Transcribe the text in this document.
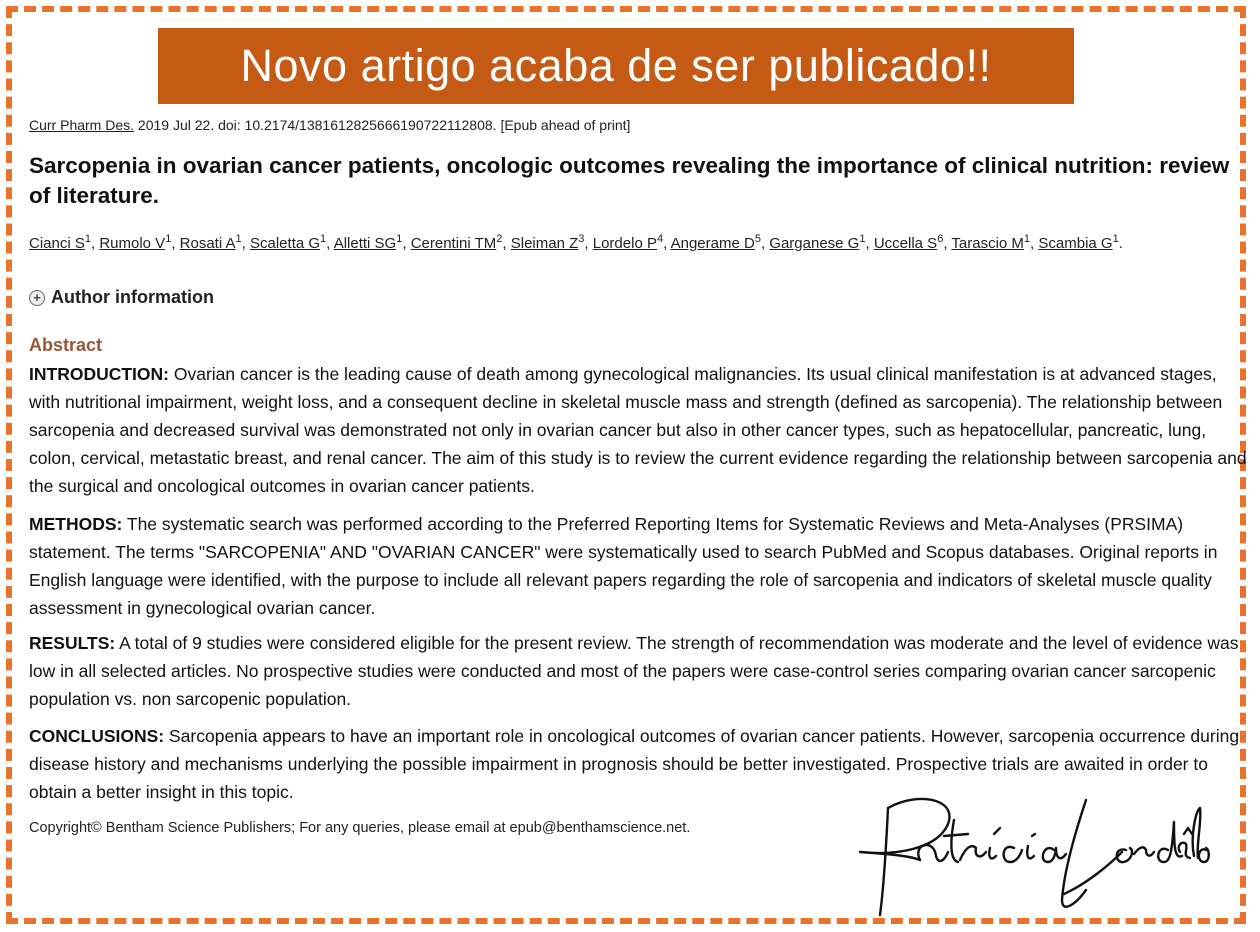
Novo artigo acaba de ser publicado!!
Curr Pharm Des. 2019 Jul 22. doi: 10.2174/1381612825666190722112808. [Epub ahead of print]
Sarcopenia in ovarian cancer patients, oncologic outcomes revealing the importance of clinical nutrition: review of literature.
Cianci $S^1$, Rumolo $V^1$, Rosati $A^1$, Scaletta $G^1$, Alletti $SG^1$, Cerentini $TM^2$, Sleiman $Z^3$, Lordelo $P^4$, Angerame $D^5$, Garganese $G^1$, Uccella $S^6$, Tarascio $M^1$, Scambia $G^1$.
+ Author information
Abstract
INTRODUCTION: Ovarian cancer is the leading cause of death among gynecological malignancies. Its usual clinical manifestation is at advanced stages, with nutritional impairment, weight loss, and a consequent decline in skeletal muscle mass and strength (defined as sarcopenia). The relationship between sarcopenia and decreased survival was demonstrated not only in ovarian cancer but also in other cancer types, such as hepatocellular, pancreatic, lung, colon, cervical, metastatic breast, and renal cancer. The aim of this study is to review the current evidence regarding the relationship between sarcopenia and the surgical and oncological outcomes in ovarian cancer patients.
METHODS: The systematic search was performed according to the Preferred Reporting Items for Systematic Reviews and Meta-Analyses (PRSIMA) statement. The terms "SARCOPENIA" AND "OVARIAN CANCER" were systematically used to search PubMed and Scopus databases. Original reports in English language were identified, with the purpose to include all relevant papers regarding the role of sarcopenia and indicators of skeletal muscle quality assessment in gynecological ovarian cancer.
RESULTS: A total of 9 studies were considered eligible for the present review. The strength of recommendation was moderate and the level of evidence was low in all selected articles. No prospective studies were conducted and most of the papers were case-control series comparing ovarian cancer sarcopenic population vs. non sarcopenic population.
CONCLUSIONS: Sarcopenia appears to have an important role in oncological outcomes of ovarian cancer patients. However, sarcopenia occurrence during disease history and mechanisms underlying the possible impairment in prognosis should be better investigated. Prospective trials are awaited in order to obtain a better insight in this topic.
Copyright© Bentham Science Publishers; For any queries, please email at epub@benthamscience.net.
